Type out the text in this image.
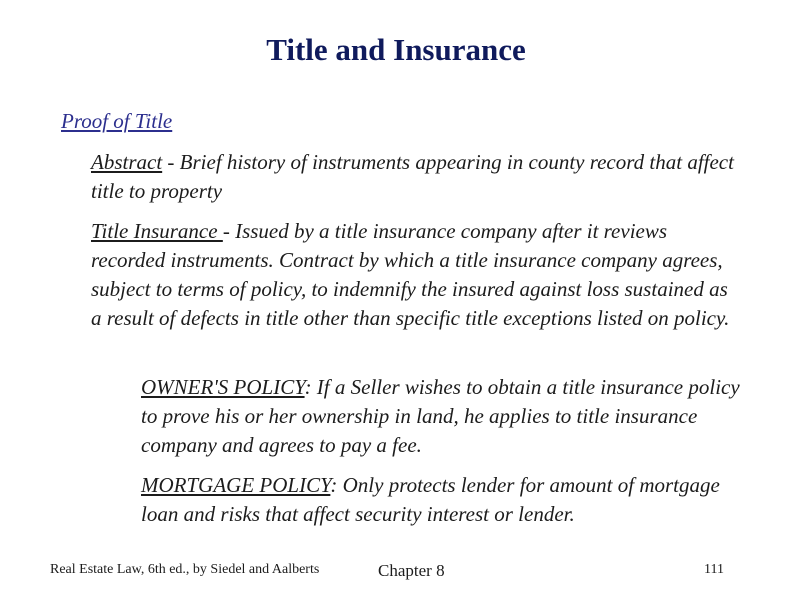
Title and Insurance
Proof of Title
Abstract - Brief history of instruments appearing in county record that affect title to property
Title Insurance - Issued by a title insurance company after it reviews recorded instruments. Contract by which a title insurance company agrees, subject to terms of policy, to indemnify the insured against loss sustained as a result of defects in title other than specific title exceptions listed on policy.
OWNER'S POLICY: If a Seller wishes to obtain a title insurance policy to prove his or her ownership in land, he applies to title insurance company and agrees to pay a fee.
MORTGAGE POLICY: Only protects lender for amount of mortgage loan and risks that affect security interest or lender.
Real Estate Law, 6th ed., by Siedel and Aalberts	Chapter 8	111
